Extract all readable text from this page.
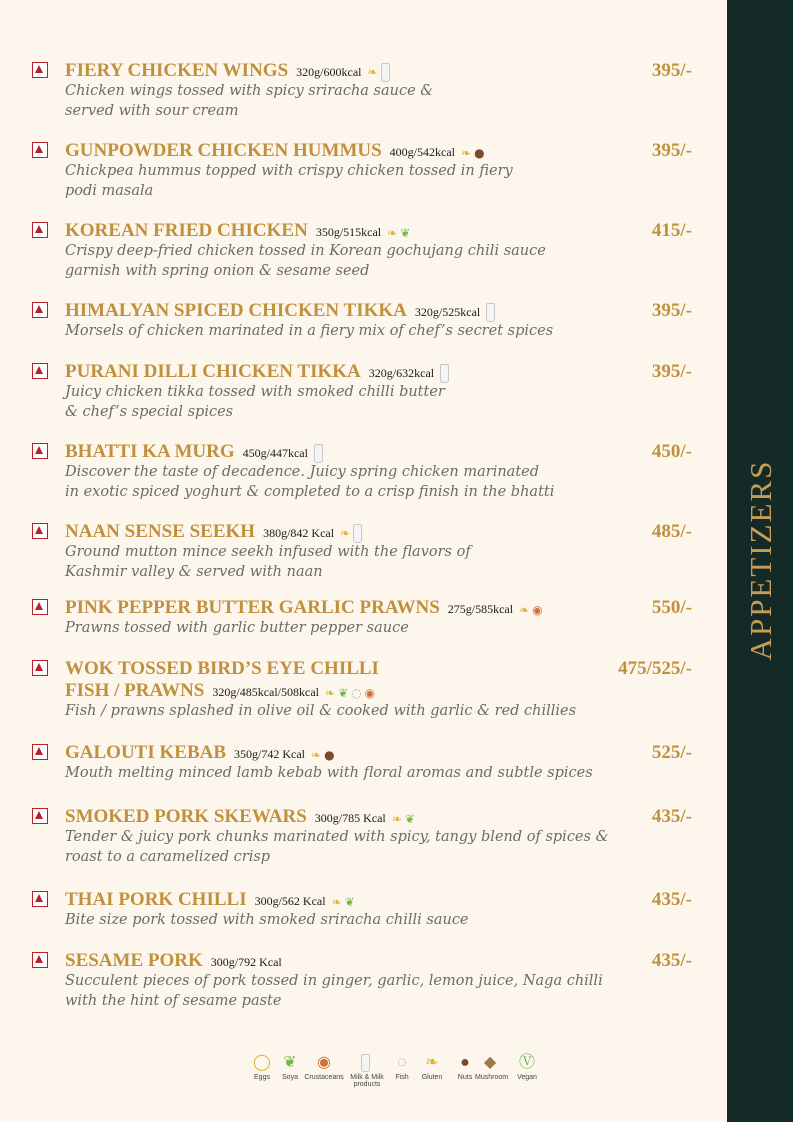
APPETIZERS
FIERY CHICKEN WINGS 320g/600kcal ❧	395/-
Chicken wings tossed with spicy sriracha sauce &
served with sour cream
GUNPOWDER CHICKEN HUMMUS 400g/542kcal ❧ ●	395/-
Chickpea hummus topped with crispy chicken tossed in fiery
podi masala
KOREAN FRIED CHICKEN 350g/515kcal ❧ ❦	415/-
Crispy deep-fried chicken tossed in Korean gochujang chili sauce
garnish with spring onion & sesame seed
HIMALYAN SPICED CHICKEN TIKKA 320g/525kcal	395/-
Morsels of chicken marinated in a fiery mix of chef’s secret spices
PURANI DILLI CHICKEN TIKKA 320g/632kcal	395/-
Juicy chicken tikka tossed with smoked chilli butter
& chef’s special spices
BHATTI KA MURG 450g/447kcal	450/-
Discover the taste of decadence. Juicy spring chicken marinated
in exotic spiced yoghurt & completed to a crisp finish in the bhatti
NAAN SENSE SEEKH 380g/842 Kcal ❧	485/-
Ground mutton mince seekh infused with the flavors of
Kashmir valley & served with naan
PINK PEPPER BUTTER GARLIC PRAWNS 275g/585kcal ❧ ◉	550/-
Prawns tossed with garlic butter pepper sauce
FISH / PRAWNS 320g/485kcal/508kcal ❧ ❦ ◌ ◉
WOK TOSSED BIRD’S EYE CHILLI	475/525/-
Fish / prawns splashed in olive oil & cooked with garlic & red chillies
GALOUTI KEBAB 350g/742 Kcal ❧ ●	525/-
Mouth melting minced lamb kebab with floral aromas and subtle spices
SMOKED PORK SKEWARS 300g/785 Kcal ❧ ❦	435/-
Tender & juicy pork chunks marinated with spicy, tangy blend of spices &
roast to a caramelized crisp
THAI PORK CHILLI 300g/562 Kcal ❧ ❦	435/-
Bite size pork tossed with smoked sriracha chilli sauce
SESAME PORK 300g/792 Kcal	435/-
Succulent pieces of pork tossed in ginger, garlic, lemon juice, Naga chilli
with the hint of sesame paste
◯
Eggs
❦
Soya
◉
Crustaceans Milk & Milk products
◌
Fish
❧
Gluten
●
Nuts
◆
Mushroom
Ⓥ
Vegan
